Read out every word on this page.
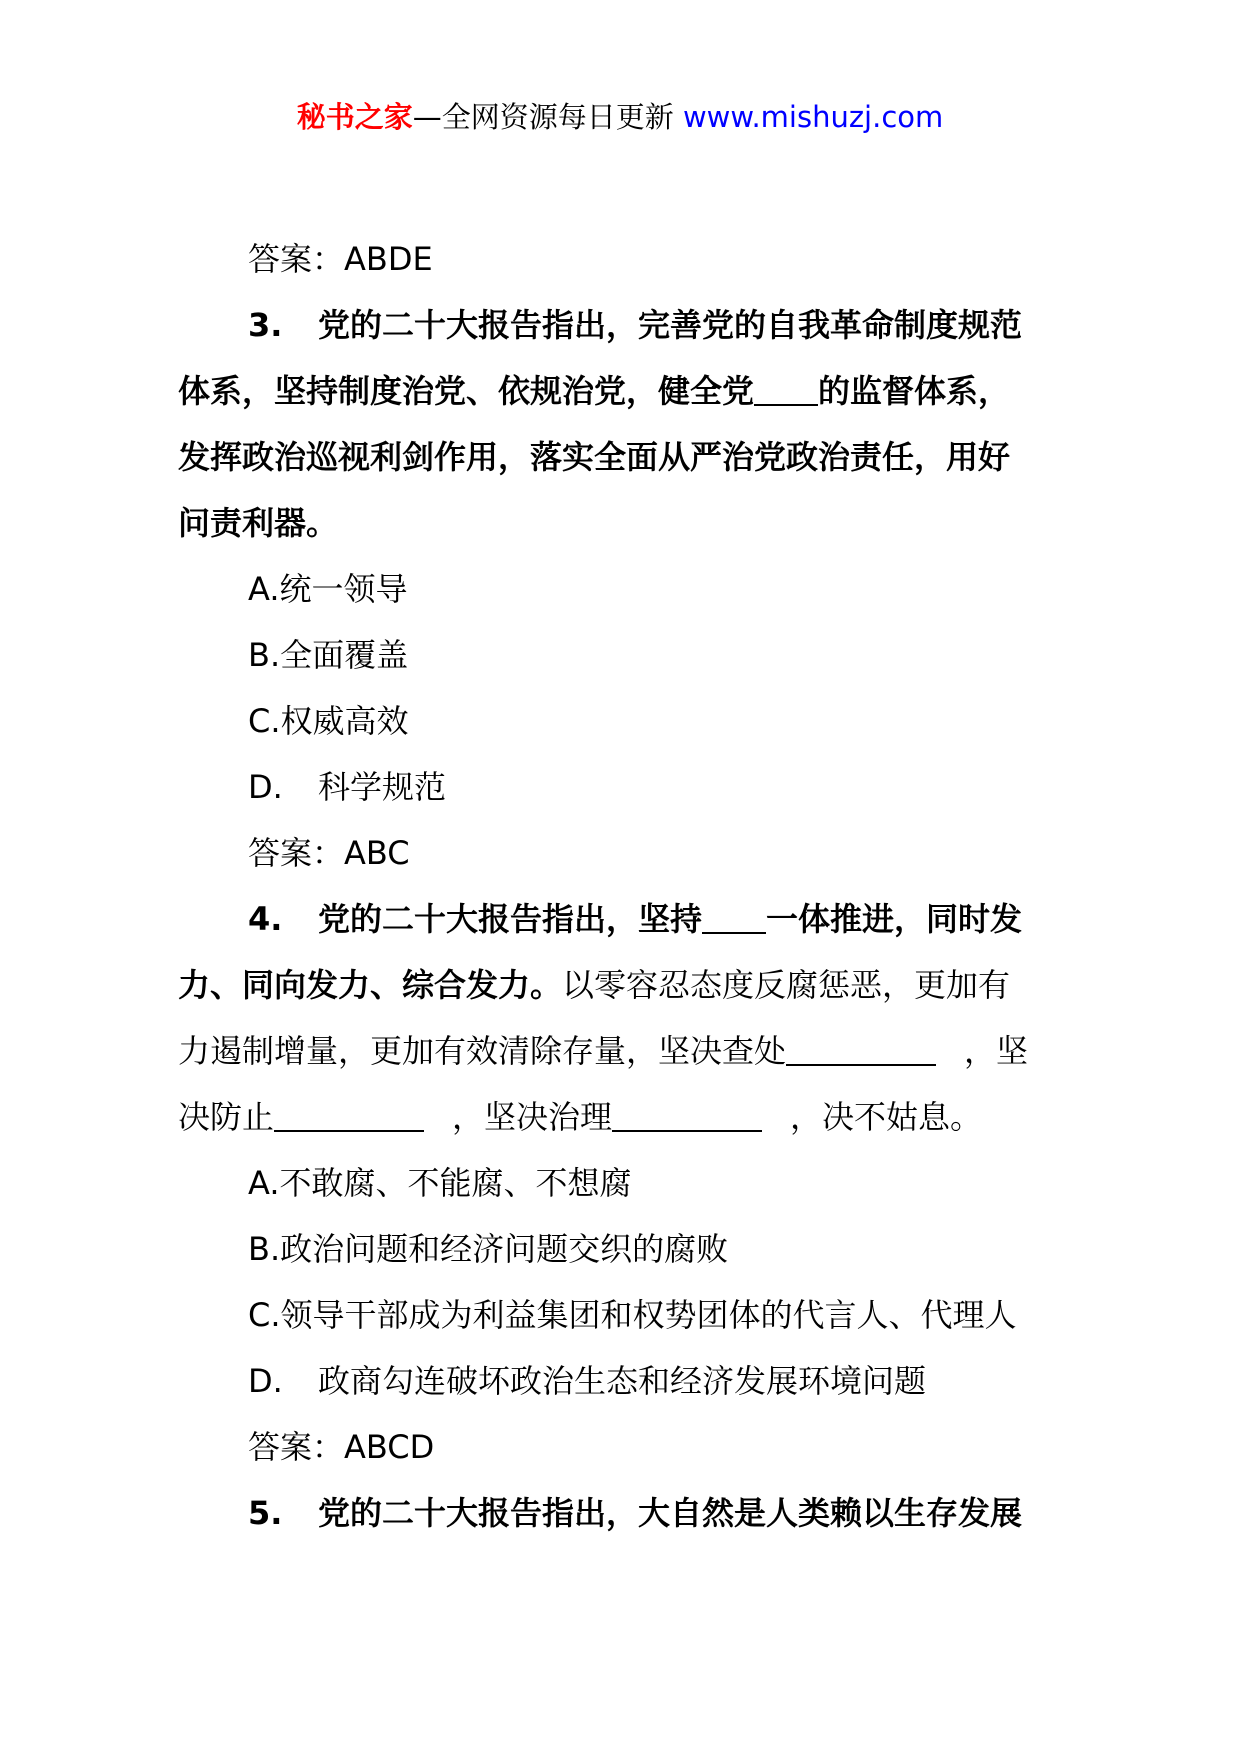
秘书之家—全网资源每日更新 www.mishuzj.com
答案：ABDE
3. 党的二十大报告指出，完善党的自我革命制度规范
体系，坚持制度治党、依规治党，健全党 的监督体系，
发挥政治巡视利剑作用，落实全面从严治党政治责任，用好
问责利器。
A.统一领导
B.全面覆盖
C.权威高效
D. 科学规范
答案：ABC
4. 党的二十大报告指出，坚持 一体推进，同时发
力、同向发力、综合发力。以零容忍态度反腐惩恶，更加有
力遏制增量，更加有效清除存量，坚决查处	，坚
决防止	，坚决治理	，决不姑息。
A.不敢腐、不能腐、不想腐
B.政治问题和经济问题交织的腐败
C.领导干部成为利益集团和权势团体的代言人、代理人
D. 政商勾连破坏政治生态和经济发展环境问题
答案：ABCD
5. 党的二十大报告指出，大自然是人类赖以生存发展
